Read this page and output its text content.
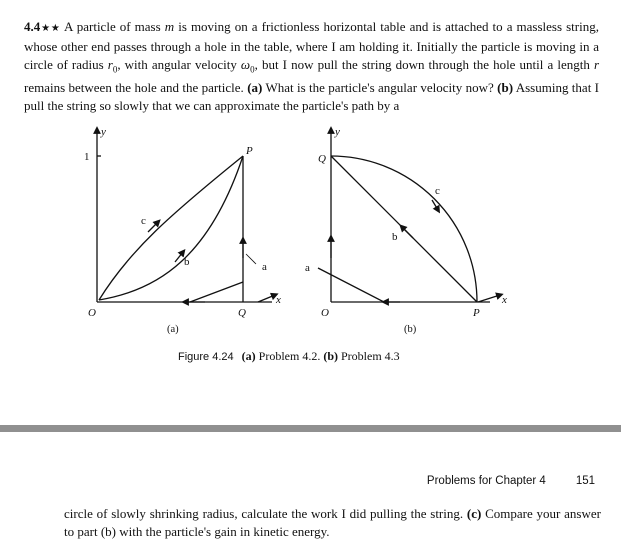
4.4★★ A particle of mass m is moving on a frictionless horizontal table and is attached to a massless string, whose other end passes through a hole in the table, where I am holding it. Initially the particle is moving in a circle of radius $r_0$, with angular velocity $\omega_0$, but I now pull the string down through the hole until a length r remains between the hole and the particle. (a) What is the particle's angular velocity now? (b) Assuming that I pull the string so slowly that we can approximate the particle's path by a

y
1
O
P
Q
x
c
b	a
(a)
y
Q
O	P
x
c
b
a
(b)
Figure 4.24 (a) Problem 4.2. (b) Problem 4.3
Problems for Chapter 4	151

circle of slowly shrinking radius, calculate the work I did pulling the string. (c) Compare your answer to part (b) with the particle's gain in kinetic energy.
